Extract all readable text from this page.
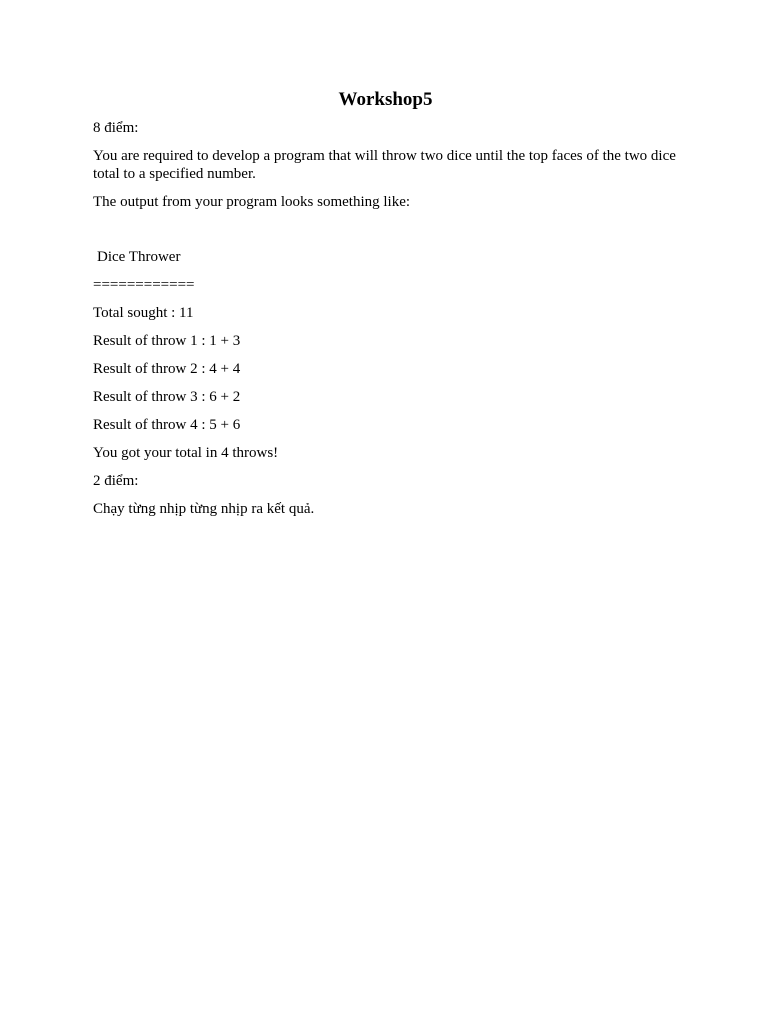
Workshop5
8 điểm:
You are required to develop a program that will throw two dice until the top faces of the two dice total to a specified number.
The output from your program looks something like:
Dice Thrower
============
Total sought : 11
Result of throw 1 : 1 + 3
Result of throw 2 : 4 + 4
Result of throw 3 : 6 + 2
Result of throw 4 : 5 + 6
You got your total in 4 throws!
2 điểm:
Chạy từng nhịp từng nhịp ra kết quả.
